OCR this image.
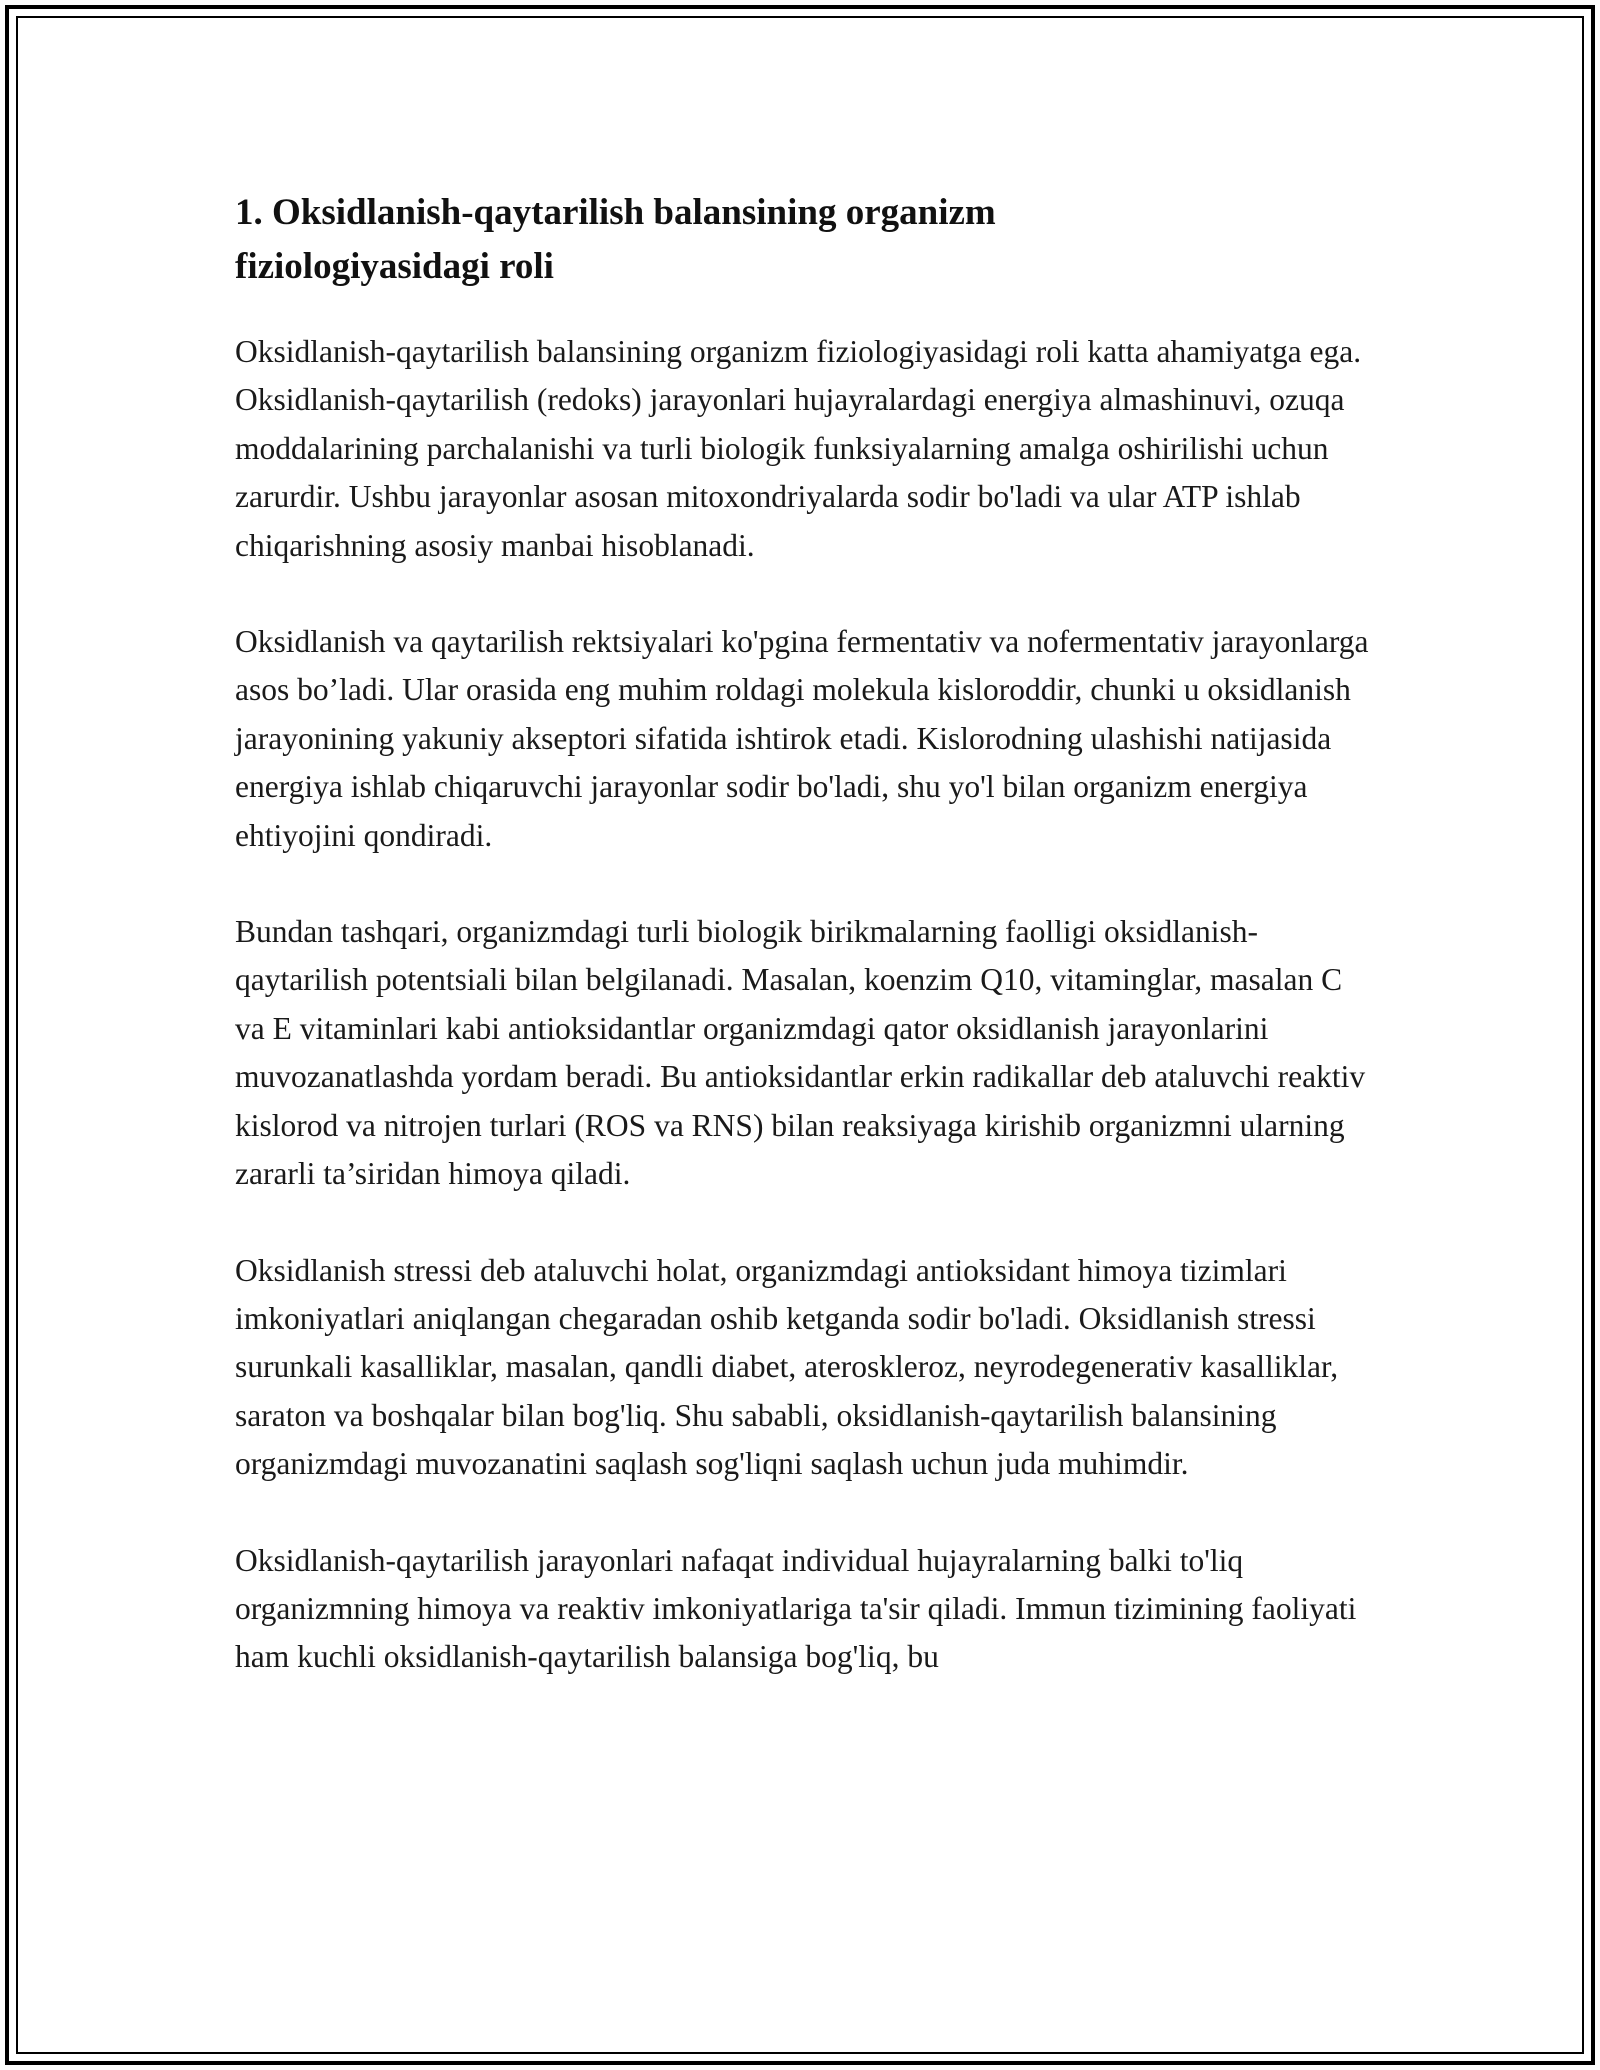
1. Oksidlanish-qaytarilish balansining organizm fiziologiyasidagi roli

Oksidlanish-qaytarilish balansining organizm fiziologiyasidagi roli katta ahamiyatga ega. Oksidlanish-qaytarilish (redoks) jarayonlari hujayralardagi energiya almashinuvi, ozuqa moddalarining parchalanishi va turli biologik funksiyalarning amalga oshirilishi uchun zarurdir. Ushbu jarayonlar asosan mitoxondriyalarda sodir bo'ladi va ular ATP ishlab chiqarishning asosiy manbai hisoblanadi.

Oksidlanish va qaytarilish rektsiyalari ko'pgina fermentativ va nofermentativ jarayonlarga asos bo’ladi. Ular orasida eng muhim roldagi molekula kisloroddir, chunki u oksidlanish jarayonining yakuniy akseptori sifatida ishtirok etadi. Kislorodning ulashishi natijasida energiya ishlab chiqaruvchi jarayonlar sodir bo'ladi, shu yo'l bilan organizm energiya ehtiyojini qondiradi.

Bundan tashqari, organizmdagi turli biologik birikmalarning faolligi oksidlanish-qaytarilish potentsiali bilan belgilanadi. Masalan, koenzim Q10, vitaminglar, masalan C va E vitaminlari kabi antioksidantlar organizmdagi qator oksidlanish jarayonlarini muvozanatlashda yordam beradi. Bu antioksidantlar erkin radikallar deb ataluvchi reaktiv kislorod va nitrojen turlari (ROS va RNS) bilan reaksiyaga kirishib organizmni ularning zararli ta’siridan himoya qiladi.

Oksidlanish stressi deb ataluvchi holat, organizmdagi antioksidant himoya tizimlari imkoniyatlari aniqlangan chegaradan oshib ketganda sodir bo'ladi. Oksidlanish stressi surunkali kasalliklar, masalan, qandli diabet, ateroskleroz, neyrodegenerativ kasalliklar, saraton va boshqalar bilan bog'liq. Shu sababli, oksidlanish-qaytarilish balansining organizmdagi muvozanatini saqlash sog'liqni saqlash uchun juda muhimdir.

Oksidlanish-qaytarilish jarayonlari nafaqat individual hujayralarning balki to'liq organizmning himoya va reaktiv imkoniyatlariga ta'sir qiladi. Immun tizimining faoliyati ham kuchli oksidlanish-qaytarilish balansiga bog'liq, bu
